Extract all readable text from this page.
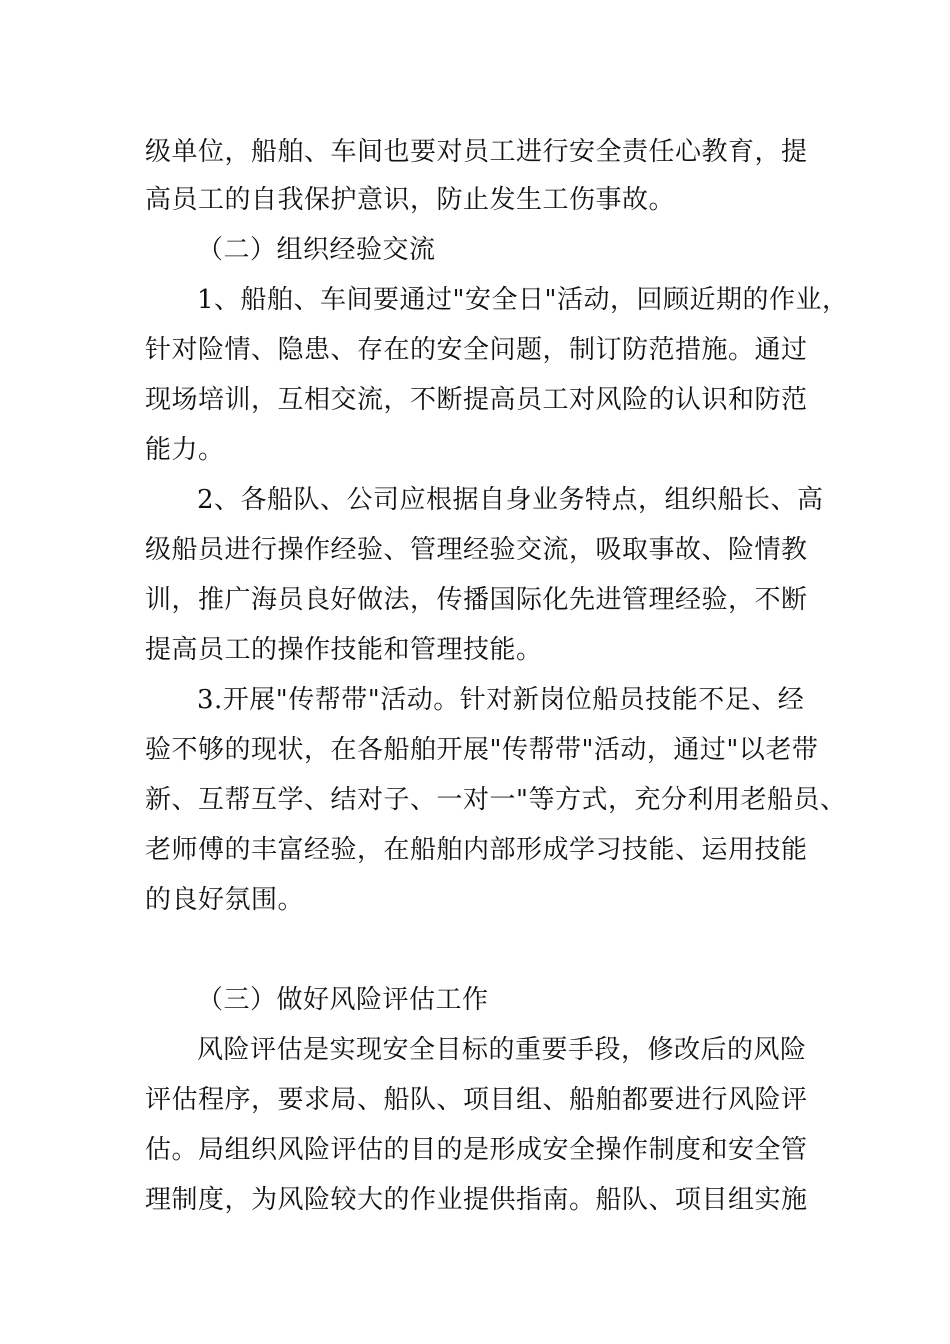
级单位，船舶、车间也要对员工进行安全责任心教育，提
高员工的自我保护意识，防止发生工伤事故。
（二）组织经验交流
1、船舶、车间要通过"安全日"活动，回顾近期的作业，
针对险情、隐患、存在的安全问题，制订防范措施。通过
现场培训，互相交流，不断提高员工对风险的认识和防范
能力。
2、各船队、公司应根据自身业务特点，组织船长、高
级船员进行操作经验、管理经验交流，吸取事故、险情教
训，推广海员良好做法，传播国际化先进管理经验，不断
提高员工的操作技能和管理技能。
3.开展"传帮带"活动。针对新岗位船员技能不足、经
验不够的现状，在各船舶开展"传帮带"活动，通过"以老带
新、互帮互学、结对子、一对一"等方式，充分利用老船员、
老师傅的丰富经验，在船舶内部形成学习技能、运用技能
的良好氛围。
（三）做好风险评估工作
风险评估是实现安全目标的重要手段，修改后的风险
评估程序，要求局、船队、项目组、船舶都要进行风险评
估。局组织风险评估的目的是形成安全操作制度和安全管
理制度，为风险较大的作业提供指南。船队、项目组实施
